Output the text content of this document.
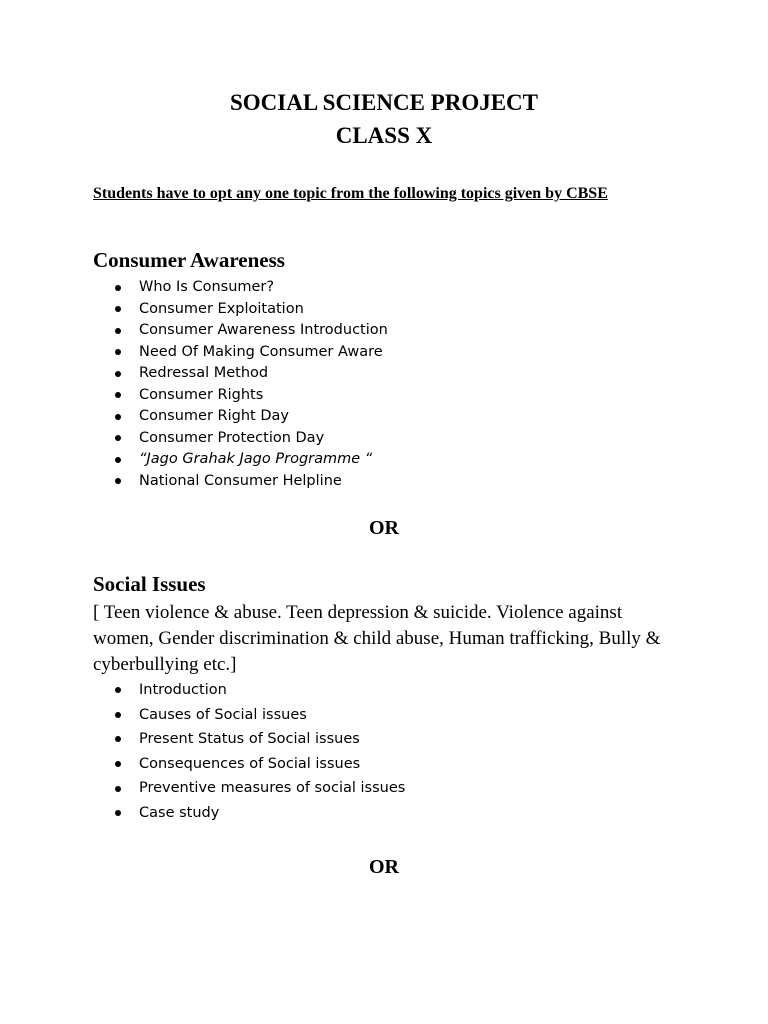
SOCIAL SCIENCE PROJECT
CLASS X

Students have to opt any one topic from the following topics given by CBSE

Consumer Awareness
Who Is Consumer?
Consumer Exploitation
Consumer Awareness Introduction
Need Of Making Consumer Aware
Redressal Method
Consumer Rights
Consumer Right Day
Consumer Protection Day
“Jago Grahak Jago Programme “
National Consumer Helpline

OR

Social Issues

[ Teen violence & abuse. Teen depression & suicide. Violence against women, Gender discrimination & child abuse, Human trafficking, Bully & cyberbullying etc.]

Introduction
Causes of Social issues
Present Status of Social issues
Consequences of Social issues
Preventive measures of social issues
Case study

OR
